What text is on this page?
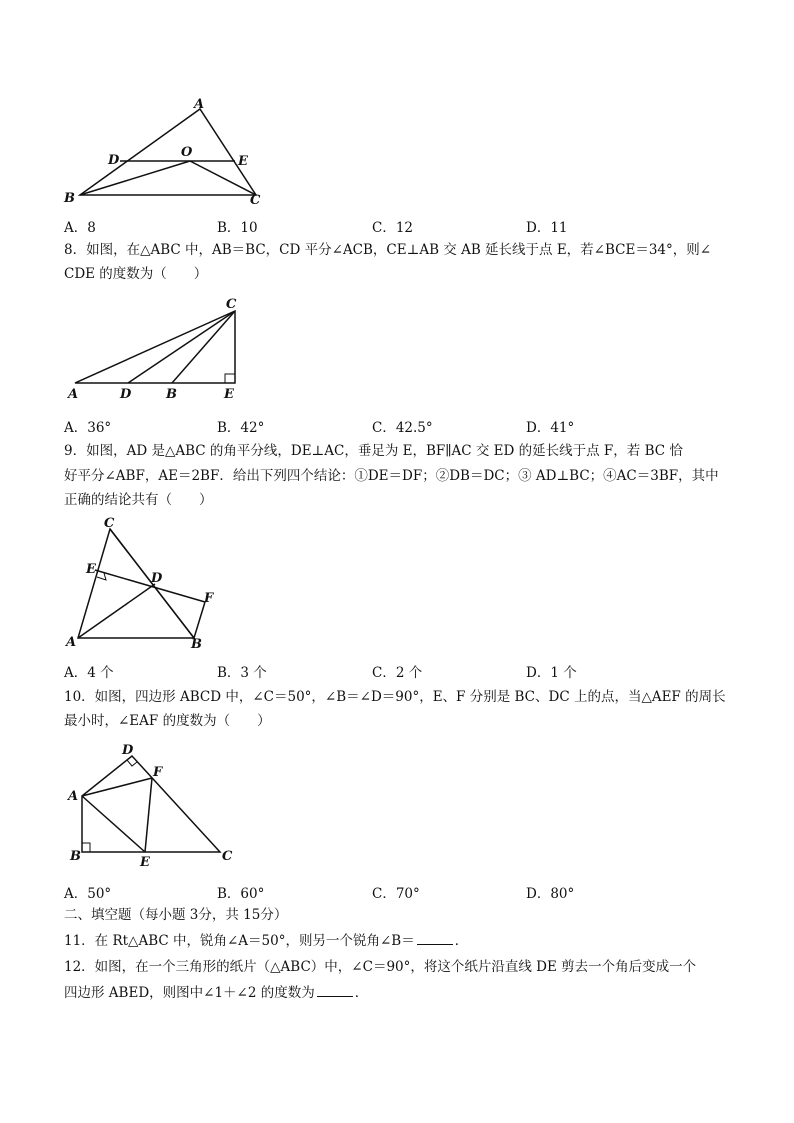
A
D
O
E
B	C
A．8	B．10	C．12	D．11
8．如图，在△ABC 中，AB＝BC，CD 平分∠ACB，CE⊥AB 交 AB 延长线于点 E，若∠BCE＝34°，则∠
CDE 的度数为（　　）
C
A	D	B	E
A．36°	B．42°	C．42.5°	D．41°
9．如图，AD 是△ABC 的角平分线，DE⊥AC，垂足为 E，BF∥AC 交 ED 的延长线于点 F，若 BC 恰
好平分∠ABF，AE＝2BF．给出下列四个结论：①DE＝DF；②DB＝DC；③ AD⊥BC；④AC＝3BF，其中
正确的结论共有（　　）
C
E
D
F
A	B
A．4 个	B．3 个	C．2 个	D．1 个
10．如图，四边形 ABCD 中，∠C＝50°，∠B＝∠D＝90°，E、F 分别是 BC、DC 上的点，当△AEF 的周长
最小时，∠EAF 的度数为（　　）
D
F
A
B	E	C
A．50°	B．60°	C．70°	D．80°
二、填空题（每小题 3分，共 15分）
11．在 Rt△ABC 中，锐角∠A＝50°，则另一个锐角∠B＝	．
12．如图，在一个三角形的纸片（△ABC）中，∠C＝90°，将这个纸片沿直线 DE 剪去一个角后变成一个
四边形 ABED，则图中∠1＋∠2 的度数为	．
